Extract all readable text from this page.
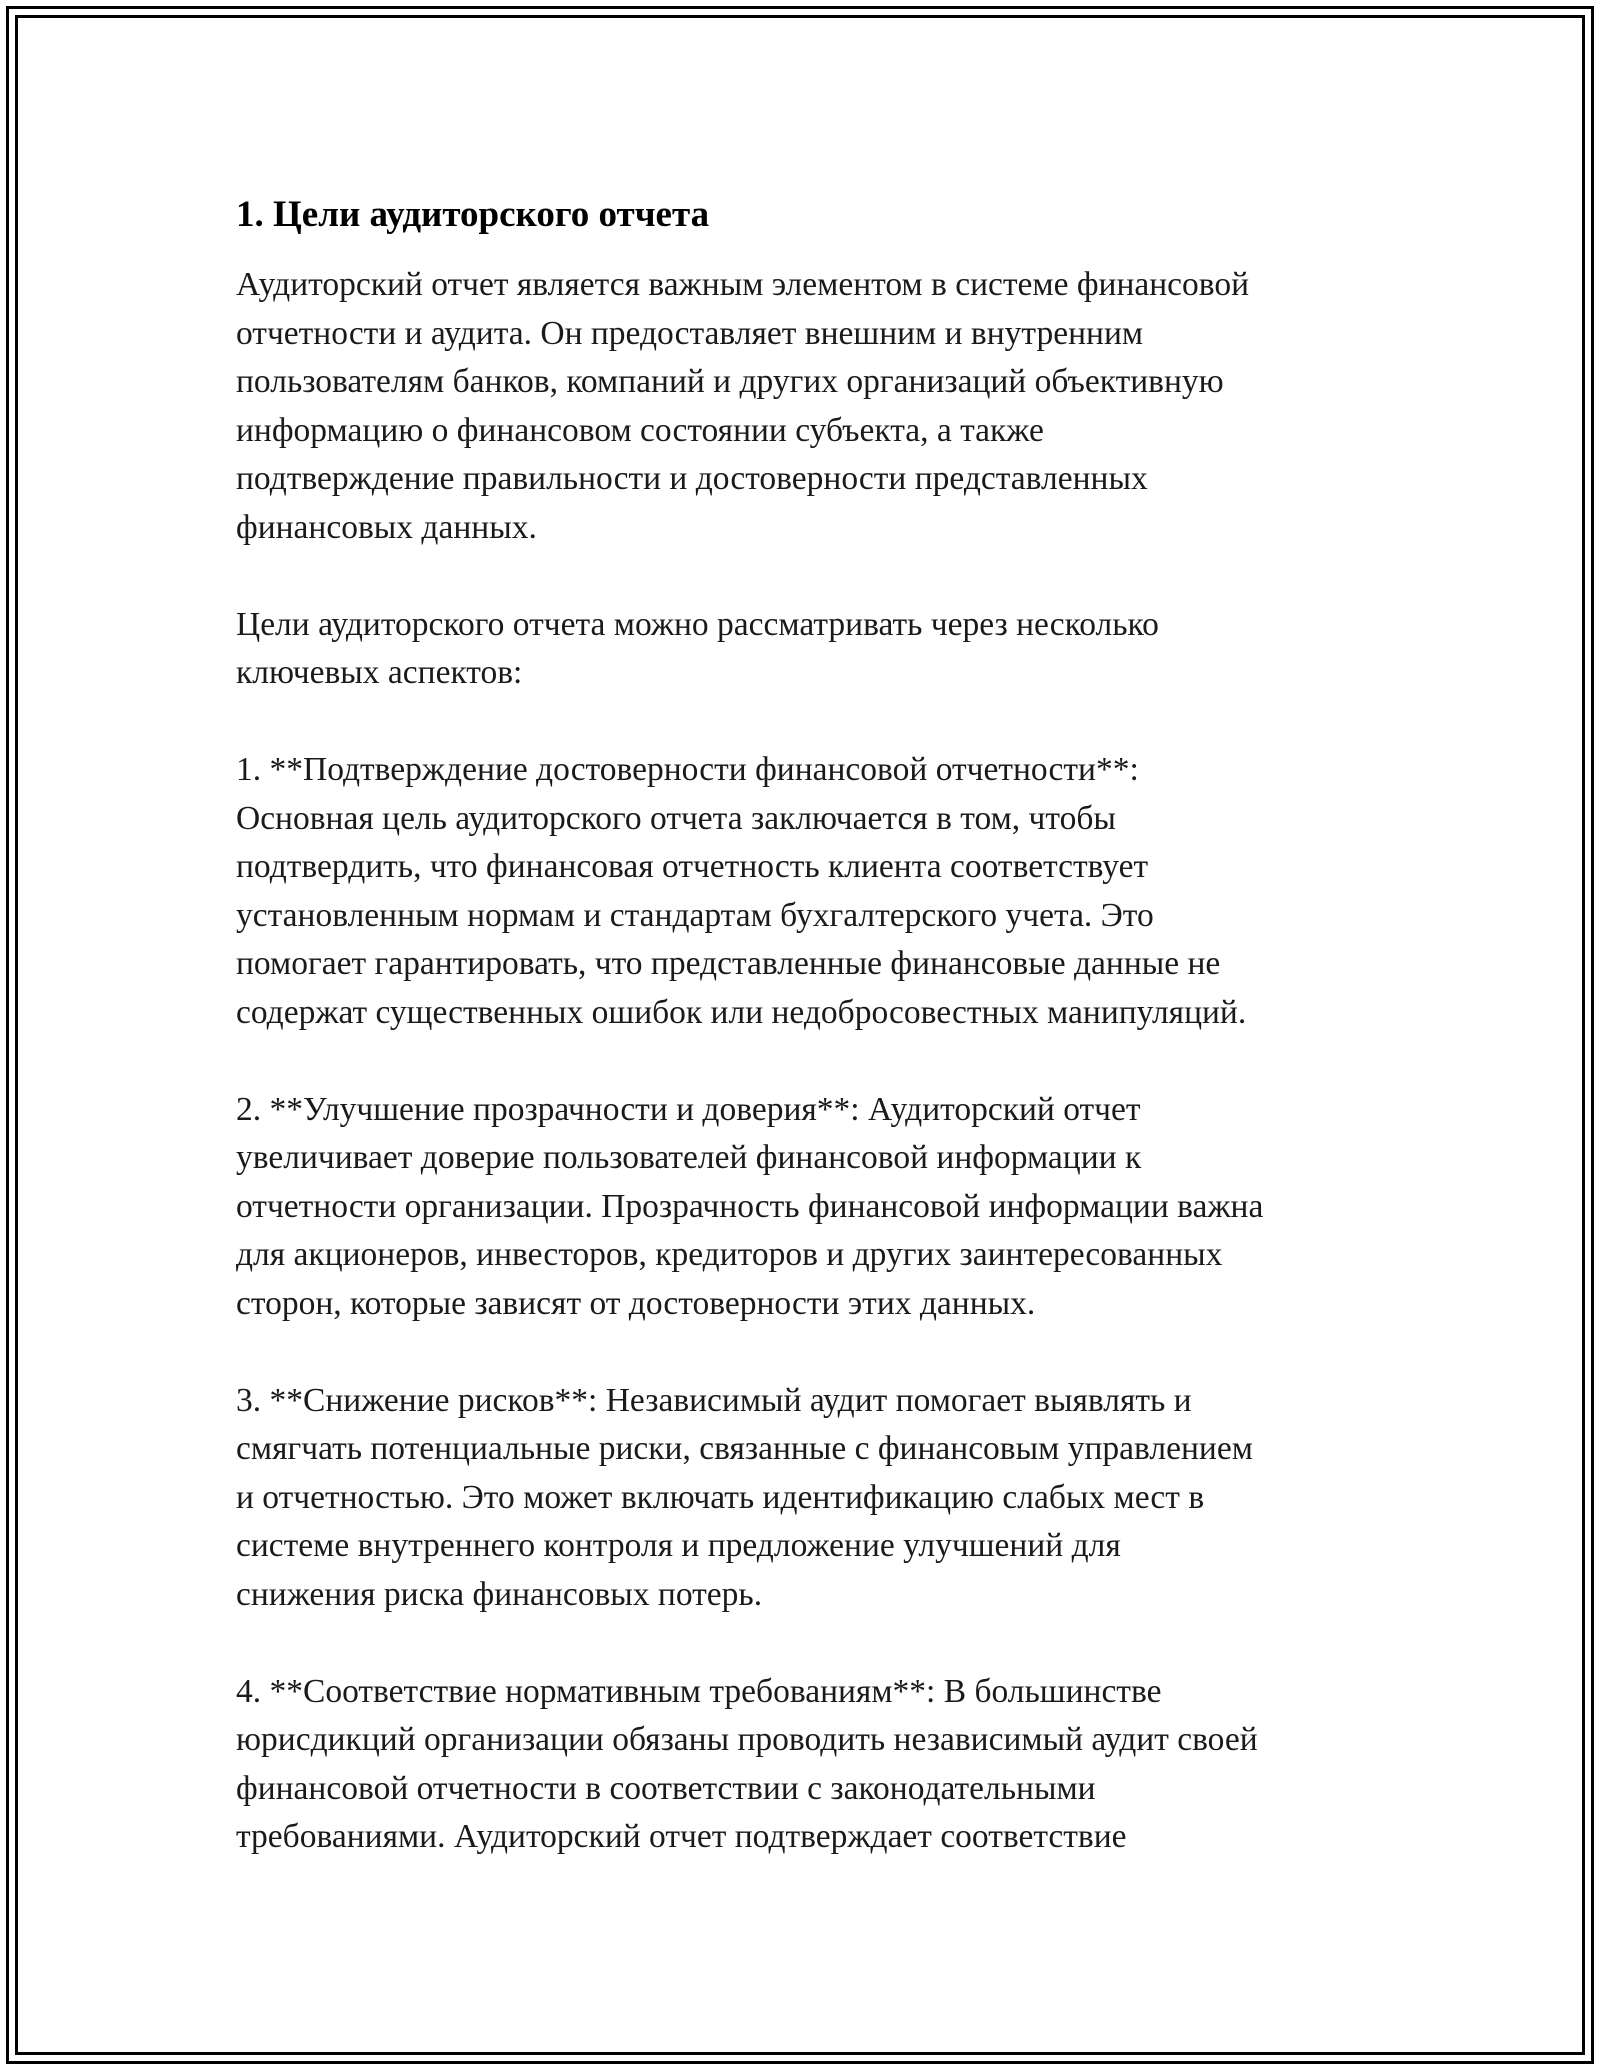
1. Цели аудиторского отчета

Аудиторский отчет является важным элементом в системе финансовой
отчетности и аудита. Он предоставляет внешним и внутренним
пользователям банков, компаний и других организаций объективную
информацию о финансовом состоянии субъекта, а также
подтверждение правильности и достоверности представленных
финансовых данных.

Цели аудиторского отчета можно рассматривать через несколько
ключевых аспектов:

1. **Подтверждение достоверности финансовой отчетности**:
Основная цель аудиторского отчета заключается в том, чтобы
подтвердить, что финансовая отчетность клиента соответствует
установленным нормам и стандартам бухгалтерского учета. Это
помогает гарантировать, что представленные финансовые данные не
содержат существенных ошибок или недобросовестных манипуляций.

2. **Улучшение прозрачности и доверия**: Аудиторский отчет
увеличивает доверие пользователей финансовой информации к
отчетности организации. Прозрачность финансовой информации важна
для акционеров, инвесторов, кредиторов и других заинтересованных
сторон, которые зависят от достоверности этих данных.

3. **Снижение рисков**: Независимый аудит помогает выявлять и
смягчать потенциальные риски, связанные с финансовым управлением
и отчетностью. Это может включать идентификацию слабых мест в
системе внутреннего контроля и предложение улучшений для
снижения риска финансовых потерь.

4. **Соответствие нормативным требованиям**: В большинстве
юрисдикций организации обязаны проводить независимый аудит своей
финансовой отчетности в соответствии с законодательными
требованиями. Аудиторский отчет подтверждает соответствие
